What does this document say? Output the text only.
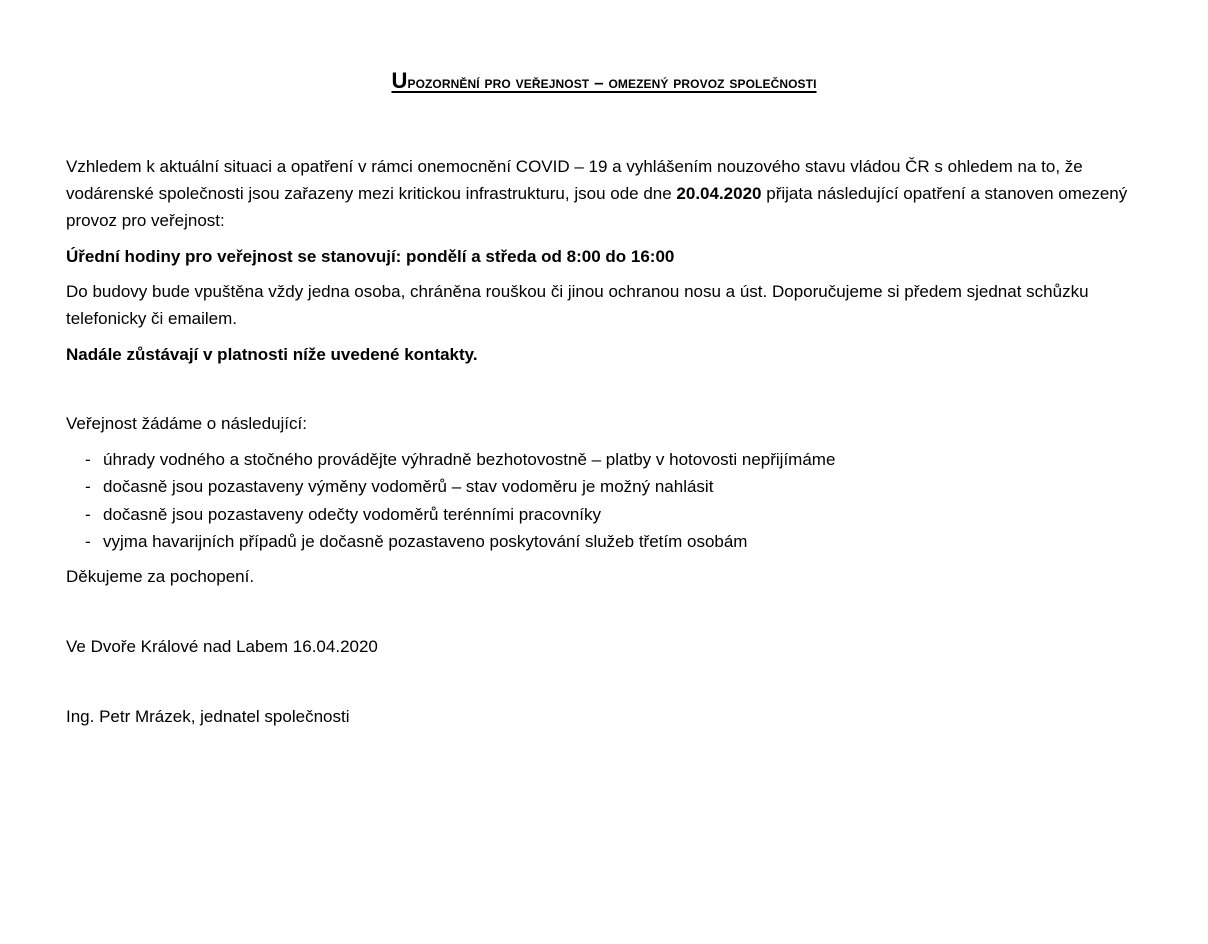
Upozornění pro veřejnost – omezený provoz společnosti
Vzhledem k aktuální situaci a opatření v rámci onemocnění COVID – 19 a vyhlášením nouzového stavu vládou ČR s ohledem na to, že vodárenské společnosti jsou zařazeny mezi kritickou infrastrukturu, jsou ode dne 20.04.2020 přijata následující opatření a stanoven omezený provoz pro veřejnost:
Úřední hodiny pro veřejnost se stanovují: pondělí a středa od 8:00 do 16:00
Do budovy bude vpuštěna vždy jedna osoba, chráněna rouškou či jinou ochranou nosu a úst. Doporučujeme si předem sjednat schůzku telefonicky či emailem.
Nadále zůstávají v platnosti níže uvedené kontakty.
Veřejnost žádáme o následující:
- úhrady vodného a stočného provádějte výhradně bezhotovostně – platby v hotovosti nepřijímáme
- dočasně jsou pozastaveny výměny vodoměrů – stav vodoměru je možný nahlásit
- dočasně jsou pozastaveny odečty vodoměrů terénními pracovníky
- vyjma havarijních případů je dočasně pozastaveno poskytování služeb třetím osobám
Děkujeme za pochopení.
Ve Dvoře Králové nad Labem 16.04.2020
Ing. Petr Mrázek, jednatel společnosti
